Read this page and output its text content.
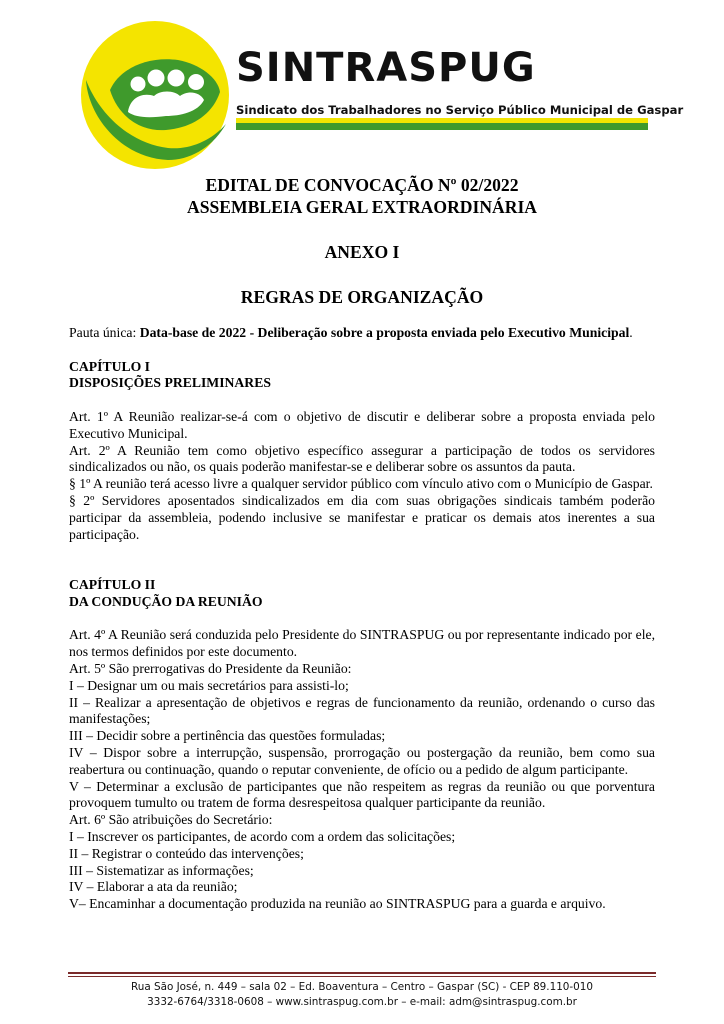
SINTRASPUG
Sindicato dos Trabalhadores no Serviço Público Municipal de Gaspar
EDITAL DE CONVOCAÇÃO Nº 02/2022
ASSEMBLEIA GERAL EXTRAORDINÁRIA
ANEXO I
REGRAS DE ORGANIZAÇÃO

Pauta única: Data-base de 2022 - Deliberação sobre a proposta enviada pelo Executivo Municipal.

CAPÍTULO I

DISPOSIÇÕES PRELIMINARES

Art. 1º A Reunião realizar-se-á com o objetivo de discutir e deliberar sobre a proposta enviada pelo Executivo Municipal.

Art. 2º A Reunião tem como objetivo específico assegurar a participação de todos os servidores sindicalizados ou não, os quais poderão manifestar-se e deliberar sobre os assuntos da pauta.

§ 1º A reunião terá acesso livre a qualquer servidor público com vínculo ativo com o Município de Gaspar.

§ 2º Servidores aposentados sindicalizados em dia com suas obrigações sindicais também poderão participar da assembleia, podendo inclusive se manifestar e praticar os demais atos inerentes a sua participação.

CAPÍTULO II

DA CONDUÇÃO DA REUNIÃO

Art. 4º A Reunião será conduzida pelo Presidente do SINTRASPUG ou por representante indicado por ele, nos termos definidos por este documento.

Art. 5º São prerrogativas do Presidente da Reunião:

I – Designar um ou mais secretários para assisti-lo;

II – Realizar a apresentação de objetivos e regras de funcionamento da reunião, ordenando o curso das manifestações;

III – Decidir sobre a pertinência das questões formuladas;

IV – Dispor sobre a interrupção, suspensão, prorrogação ou postergação da reunião, bem como sua reabertura ou continuação, quando o reputar conveniente, de ofício ou a pedido de algum participante.

V – Determinar a exclusão de participantes que não respeitem as regras da reunião ou que porventura provoquem tumulto ou tratem de forma desrespeitosa qualquer participante da reunião.

Art. 6º São atribuições do Secretário:

I – Inscrever os participantes, de acordo com a ordem das solicitações;

II – Registrar o conteúdo das intervenções;

III – Sistematizar as informações;

IV – Elaborar a ata da reunião;

V– Encaminhar a documentação produzida na reunião ao SINTRASPUG para a guarda e arquivo.

Rua São José, n. 449 – sala 02 – Ed. Boaventura – Centro – Gaspar (SC) - CEP 89.110-010
3332-6764/3318-0608 – www.sintraspug.com.br – e-mail: adm@sintraspug.com.br
